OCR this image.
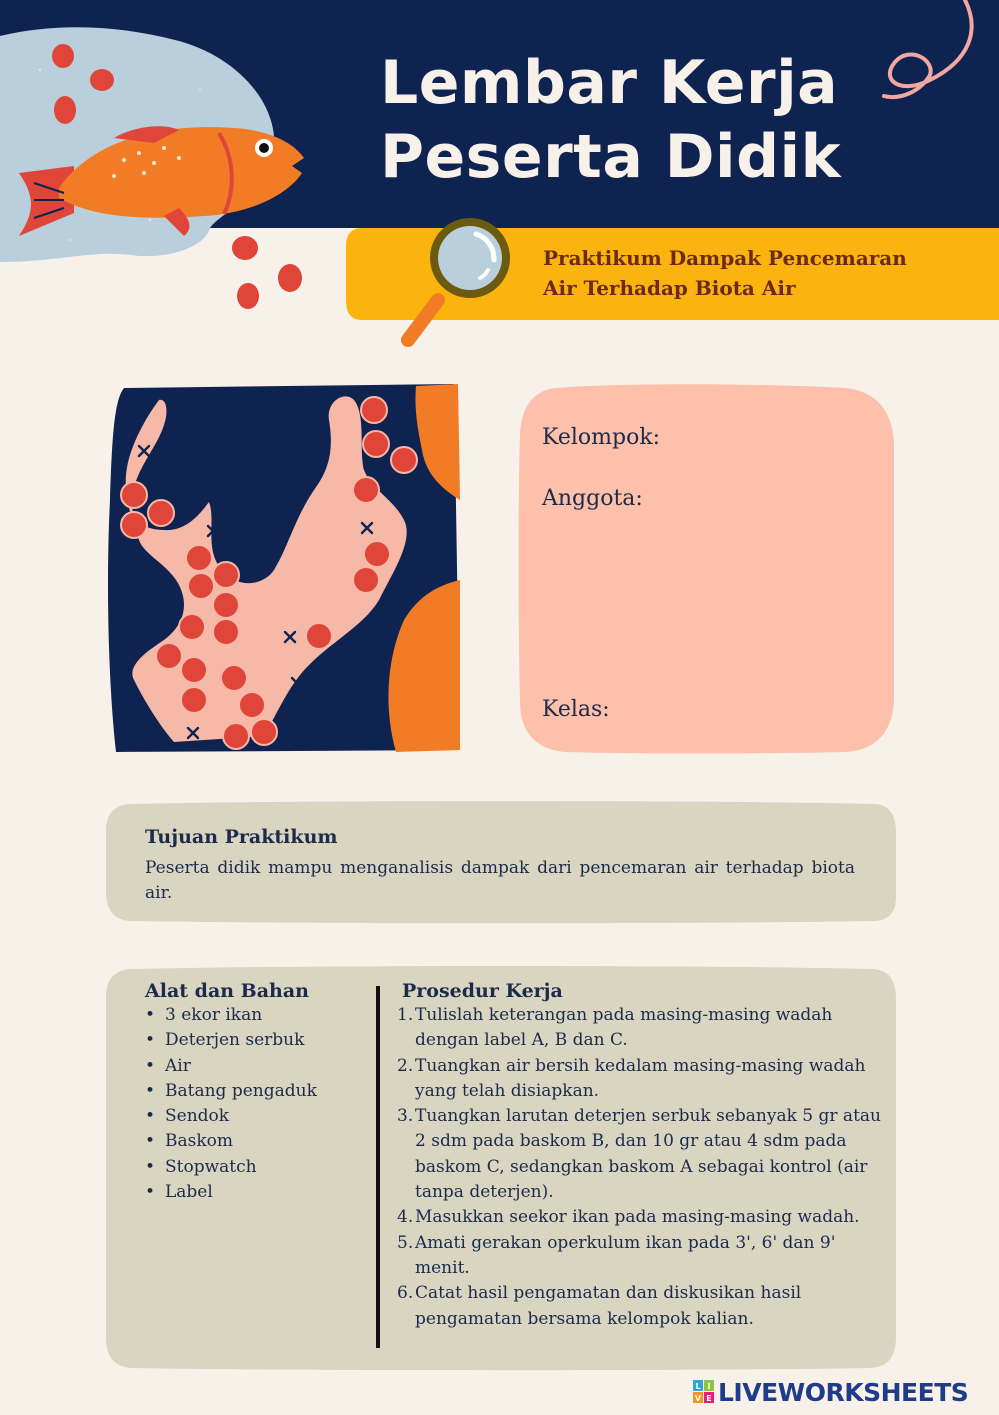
Lembar Kerja
Peserta Didik
Praktikum Dampak Pencemaran
Air Terhadap Biota Air
Kelompok:
Anggota:
Kelas:
Tujuan Praktikum
Peserta didik mampu menganalisis dampak dari pencemaran air terhadap biota air.
Alat dan Bahan
• 3 ekor ikan
• Deterjen serbuk
• Air
• Batang pengaduk
• Sendok
• Baskom
• Stopwatch
• Label
Prosedur Kerja
1. Tulislah keterangan pada masing-masing wadah dengan label A, B dan C.
2. Tuangkan air bersih kedalam masing-masing wadah yang telah disiapkan.
3. Tuangkan larutan deterjen serbuk sebanyak 5 gr atau 2 sdm pada baskom B, dan 10 gr atau 4 sdm pada baskom C, sedangkan baskom A sebagai kontrol (air tanpa deterjen).
4. Masukkan seekor ikan pada masing-masing wadah.
5. Amati gerakan operkulum ikan pada 3', 6' dan 9' menit.
6. Catat hasil pengamatan dan diskusikan hasil pengamatan bersama kelompok kalian.
L I
V E LIVEWORKSHEETS
